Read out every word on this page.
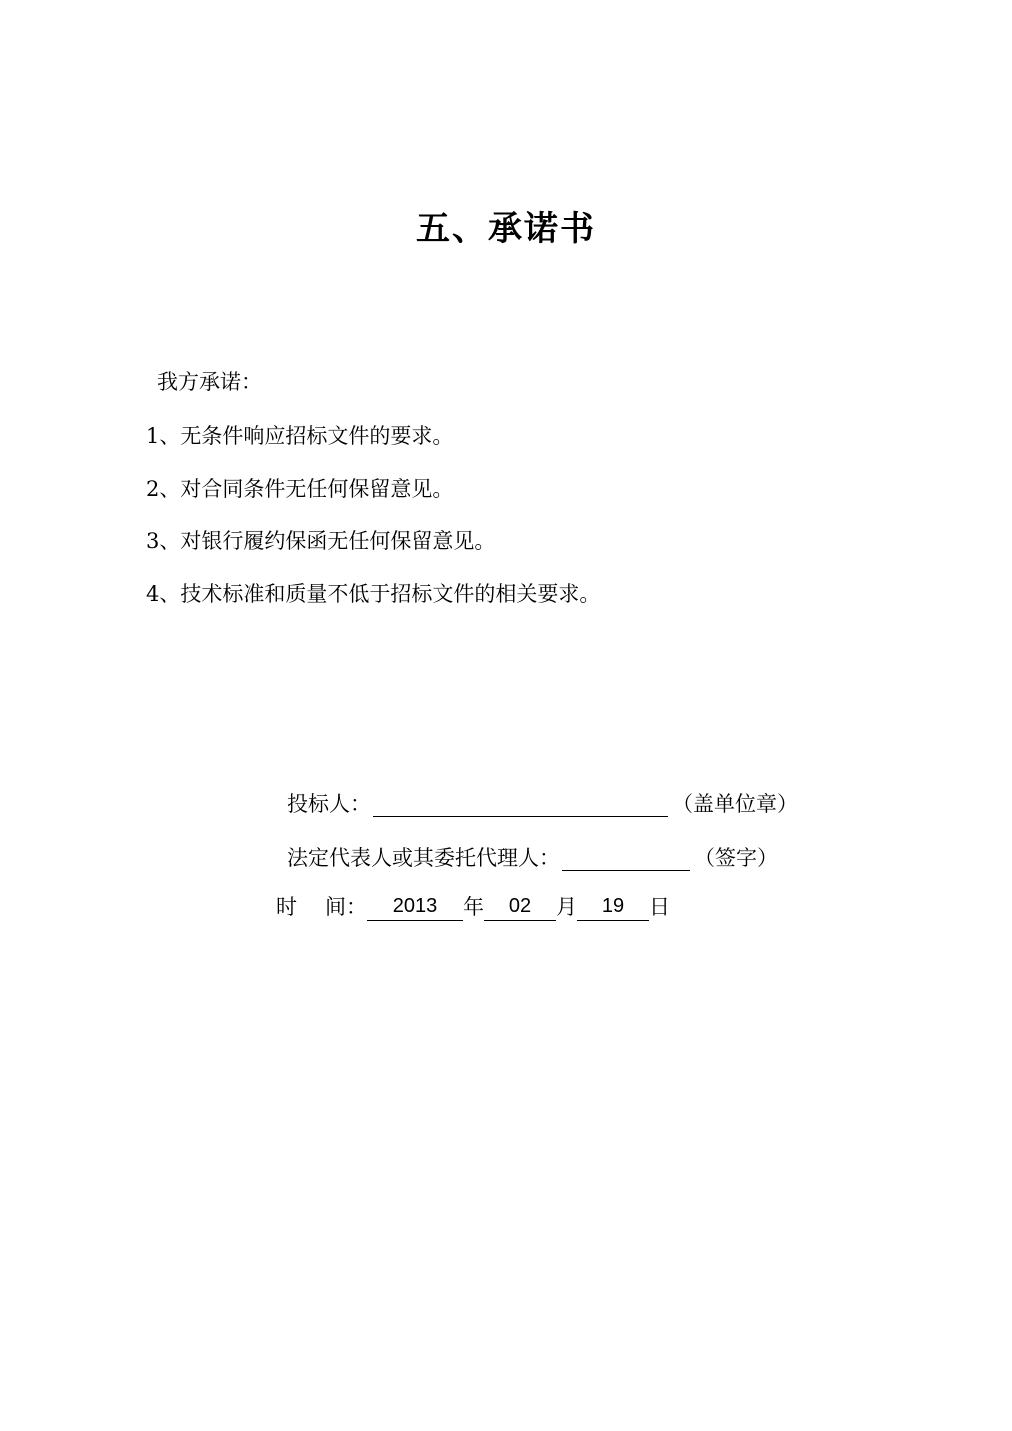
五、承诺书
我方承诺：
1、无条件响应招标文件的要求。
2、对合同条件无任何保留意见。
3、对银行履约保函无任何保留意见。
4、技术标准和质量不低于招标文件的相关要求。
投标人：	（盖单位章）
法定代表人或其委托代理人：	（签字）
时 间：	2013	年	02	月	19	日
